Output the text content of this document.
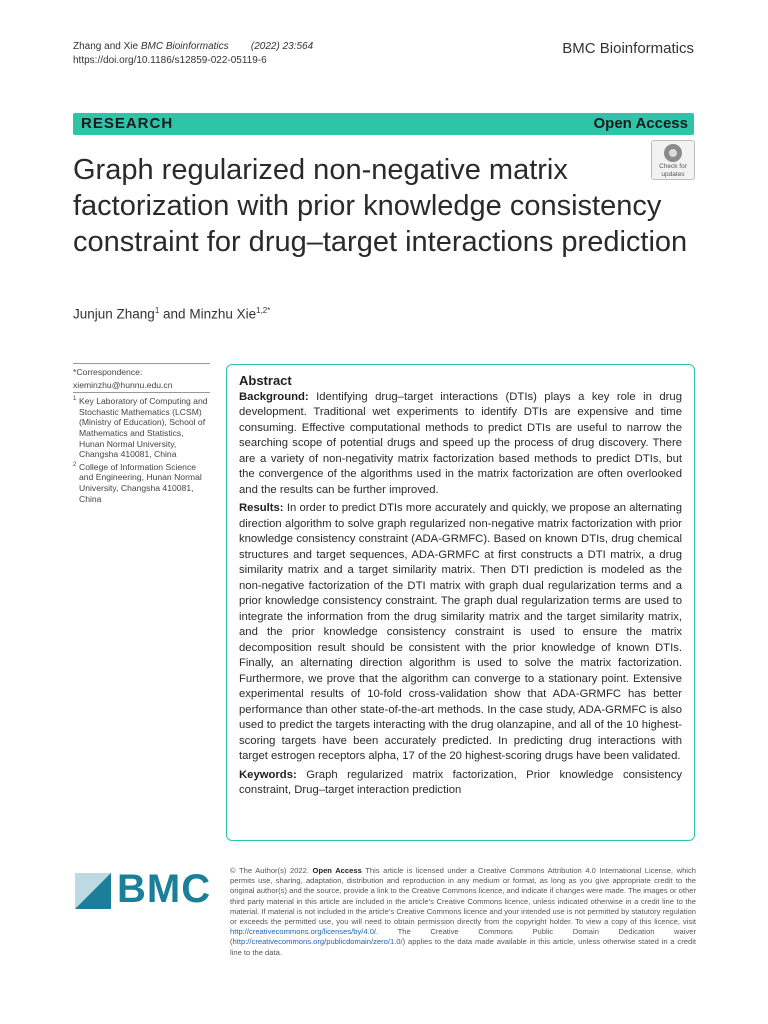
Zhang and Xie BMC Bioinformatics (2022) 23:564
https://doi.org/10.1186/s12859-022-05119-6
BMC Bioinformatics
RESEARCH	Open Access
Graph regularized non-negative matrix factorization with prior knowledge consistency constraint for drug–target interactions prediction
Check for
updates
Junjun Zhang$^1$ and Minzhu Xie$^{1,2*}$

*Correspondence:

xieminzhu@hunnu.edu.cn

1 Key Laboratory of Computing and Stochastic Mathematics (LCSM) (Ministry of Education), School of Mathematics and Statistics, Hunan Normal University, Changsha 410081, China

2 College of Information Science and Engineering, Hunan Normal University, Changsha 410081, China

Abstract

Background: Identifying drug–target interactions (DTIs) plays a key role in drug development. Traditional wet experiments to identify DTIs are expensive and time consuming. Effective computational methods to predict DTIs are useful to narrow the searching scope of potential drugs and speed up the process of drug discovery. There are a variety of non-negativity matrix factorization based methods to predict DTIs, but the convergence of the algorithms used in the matrix factorization are often overlooked and the results can be further improved.

Results: In order to predict DTIs more accurately and quickly, we propose an alternating direction algorithm to solve graph regularized non-negative matrix factorization with prior knowledge consistency constraint (ADA-GRMFC). Based on known DTIs, drug chemical structures and target sequences, ADA-GRMFC at first constructs a DTI matrix, a drug similarity matrix and a target similarity matrix. Then DTI prediction is modeled as the non-negative factorization of the DTI matrix with graph dual regularization terms and a prior knowledge consistency constraint. The graph dual regularization terms are used to integrate the information from the drug similarity matrix and the target similarity matrix, and the prior knowledge consistency constraint is used to ensure the matrix decomposition result should be consistent with the prior knowledge of known DTIs. Finally, an alternating direction algorithm is used to solve the matrix factorization. Furthermore, we prove that the algorithm can converge to a stationary point. Extensive experimental results of 10-fold cross-validation show that ADA-GRMFC has better performance than other state-of-the-art methods. In the case study, ADA-GRMFC is also used to predict the targets interacting with the drug olanzapine, and all of the 10 highest-scoring targets have been accurately predicted. In predicting drug interactions with target estrogen receptors alpha, 17 of the 20 highest-scoring drugs have been validated.

Keywords: Graph regularized matrix factorization, Prior knowledge consistency constraint, Drug–target interaction prediction

BMC © The Author(s) 2022. Open Access This article is licensed under a Creative Commons Attribution 4.0 International License, which permits use, sharing, adaptation, distribution and reproduction in any medium or format, as long as you give appropriate credit to the original author(s) and the source, provide a link to the Creative Commons licence, and indicate if changes were made. The images or other third party material in this article are included in the article’s Creative Commons licence, unless indicated otherwise in a credit line to the material. If material is not included in the article’s Creative Commons licence and your intended use is not permitted by statutory regulation or exceeds the permitted use, you will need to obtain permission directly from the copyright holder. To view a copy of this licence, visit http://creativecommons.org/licenses/by/4.0/. The Creative Commons Public Domain Dedication waiver (http://creativecommons.org/publicdomain/zero/1.0/) applies to the data made available in this article, unless otherwise stated in a credit line to the data.
